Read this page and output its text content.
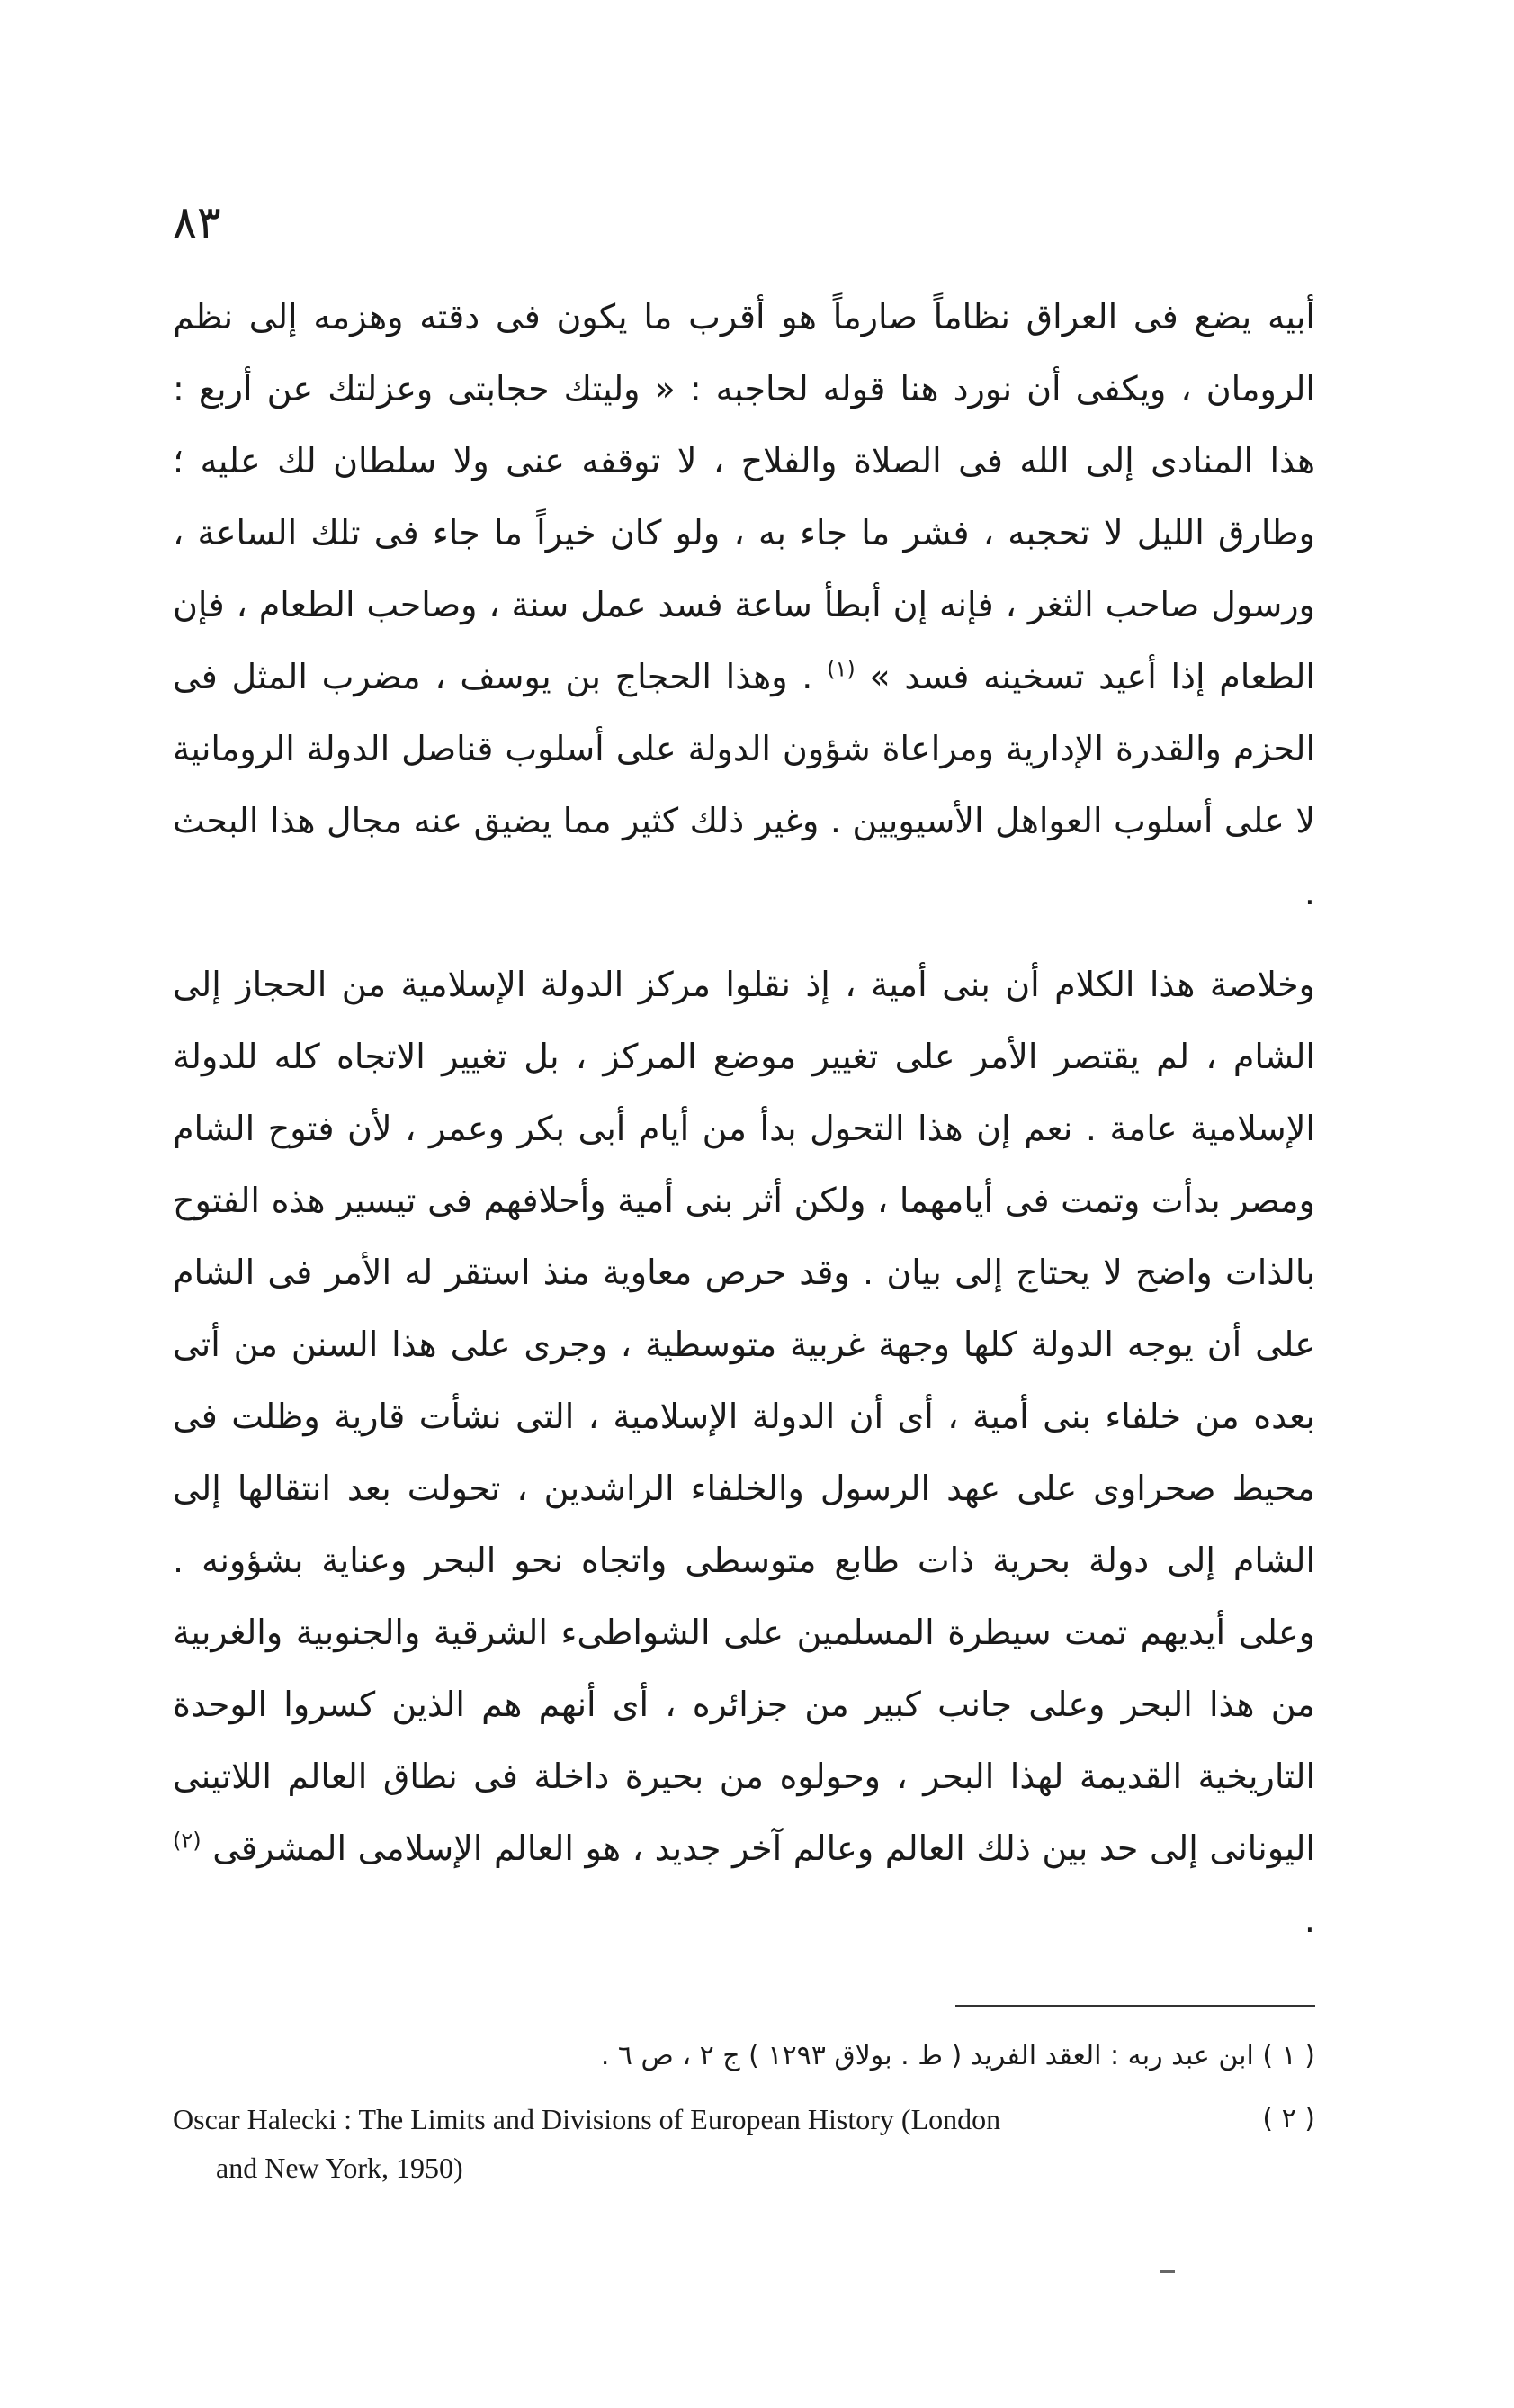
٨٣

أبيه يضع فى العراق نظاماً صارماً هو أقرب ما يكون فى دقته وهزمه إلى نظم الرومان ، ويكفى أن نورد هنا قوله لحاجبه : « وليتك حجابتى وعزلتك عن أربع : هذا المنادى إلى الله فى الصلاة والفلاح ، لا توقفه عنى ولا سلطان لك عليه ؛ وطارق الليل لا تحجبه ، فشر ما جاء به ، ولو كان خيراً ما جاء فى تلك الساعة ، ورسول صاحب الثغر ، فإنه إن أبطأ ساعة فسد عمل سنة ، وصاحب الطعام ، فإن الطعام إذا أعيد تسخينه فسد » $^{(١)}$ . وهذا الحجاج بن يوسف ، مضرب المثل فى الحزم والقدرة الإدارية ومراعاة شؤون الدولة على أسلوب قناصل الدولة الرومانية لا على أسلوب العواهل الأسيويين . وغير ذلك كثير مما يضيق عنه مجال هذا البحث .

وخلاصة هذا الكلام أن بنى أمية ، إذ نقلوا مركز الدولة الإسلامية من الحجاز إلى الشام ، لم يقتصر الأمر على تغيير موضع المركز ، بل تغيير الاتجاه كله للدولة الإسلامية عامة . نعم إن هذا التحول بدأ من أيام أبى بكر وعمر ، لأن فتوح الشام ومصر بدأت وتمت فى أيامهما ، ولكن أثر بنى أمية وأحلافهم فى تيسير هذه الفتوح بالذات واضح لا يحتاج إلى بيان . وقد حرص معاوية منذ استقر له الأمر فى الشام على أن يوجه الدولة كلها وجهة غربية متوسطية ، وجرى على هذا السنن من أتى بعده من خلفاء بنى أمية ، أى أن الدولة الإسلامية ، التى نشأت قارية وظلت فى محيط صحراوى على عهد الرسول والخلفاء الراشدين ، تحولت بعد انتقالها إلى الشام إلى دولة بحرية ذات طابع متوسطى واتجاه نحو البحر وعناية بشؤونه . وعلى أيديهم تمت سيطرة المسلمين على الشواطىء الشرقية والجنوبية والغربية من هذا البحر وعلى جانب كبير من جزائره ، أى أنهم هم الذين كسروا الوحدة التاريخية القديمة لهذا البحر ، وحولوه من بحيرة داخلة فى نطاق العالم اللاتينى اليونانى إلى حد بين ذلك العالم وعالم آخر جديد ، هو العالم الإسلامى المشرقى $^{(٢)}$ .

( ١ ) ابن عبد ربه : العقد الفريد ( ط . بولاق ١٢٩٣ ) ج ٢ ، ص ٦ .
( ٢ )
Oscar Halecki : The Limits and Divisions of European History (London
and New York, 1950)
